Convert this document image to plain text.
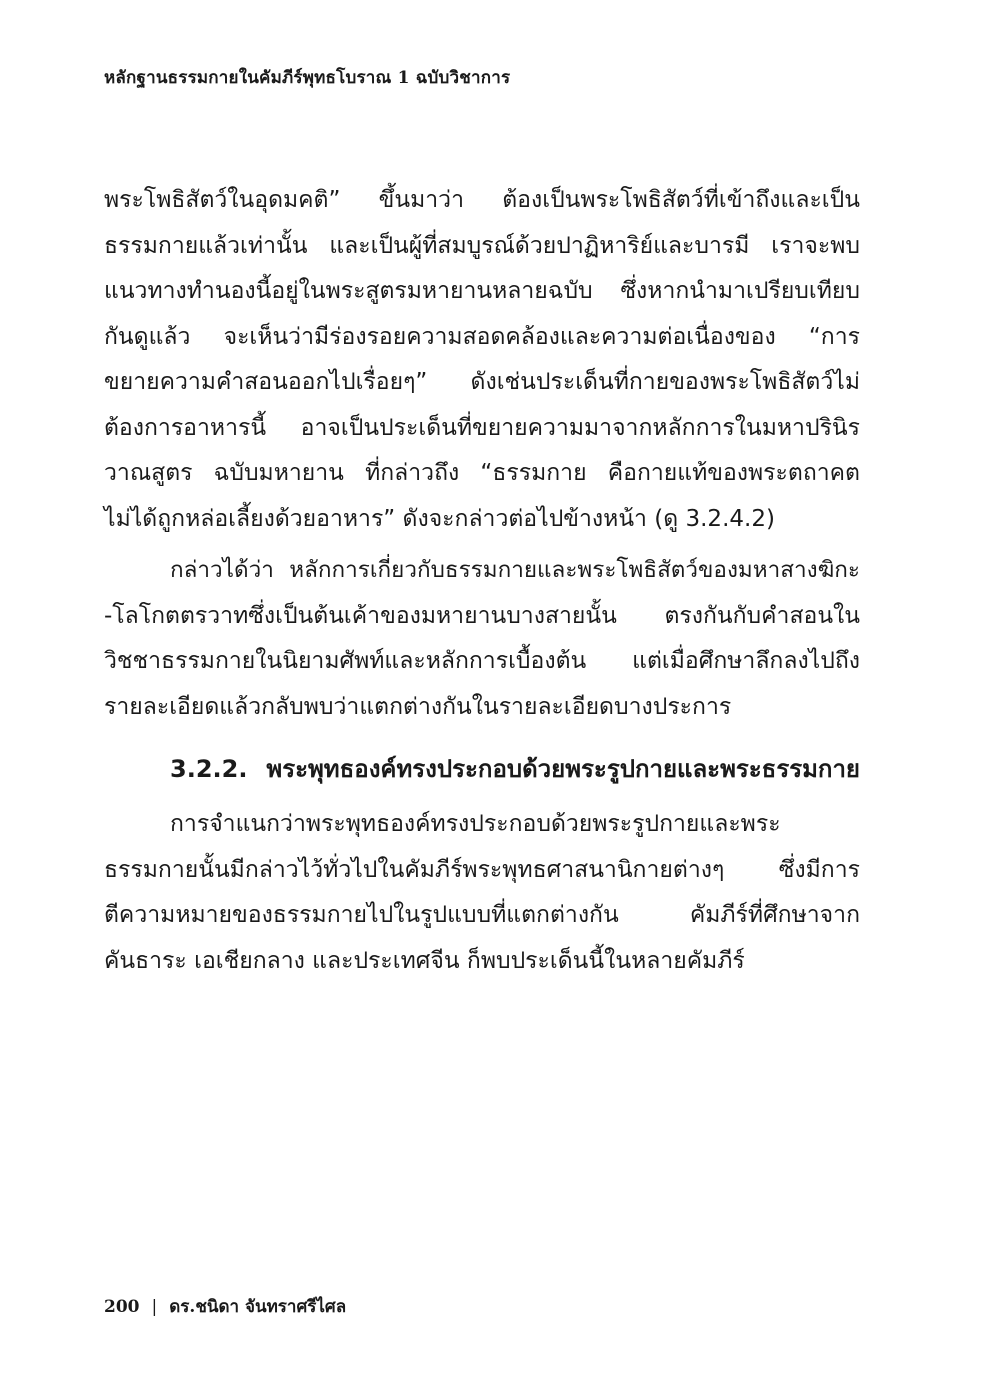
หลักฐานธรรมกายในคัมภีร์พุทธโบราณ 1 ฉบับวิชาการ
พระโพธิสัตว์ในอุดมคติ” ขึ้นมาว่า ต้องเป็นพระโพธิสัตว์ที่เข้าถึงและเป็น
ธรรมกายแล้วเท่านั้น และเป็นผู้ที่สมบูรณ์ด้วยปาฏิหาริย์และบารมี เราจะพบ
แนวทางทำนองนี้อยู่ในพระสูตรมหายานหลายฉบับ ซึ่งหากนำมาเปรียบเทียบ
กันดูแล้ว จะเห็นว่ามีร่องรอยความสอดคล้องและความต่อเนื่องของ “การ
ขยายความคำสอนออกไปเรื่อยๆ” ดังเช่นประเด็นที่กายของพระโพธิสัตว์ไม่
ต้องการอาหารนี้ อาจเป็นประเด็นที่ขยายความมาจากหลักการในมหาปรินิร
วาณสูตร ฉบับมหายาน ที่กล่าวถึง “ธรรมกาย คือกายแท้ของพระตถาคต
ไม่ได้ถูกหล่อเลี้ยงด้วยอาหาร” ดังจะกล่าวต่อไปข้างหน้า (ดู 3.2.4.2)
กล่าวได้ว่า หลักการเกี่ยวกับธรรมกายและพระโพธิสัตว์ของมหาสางฆิกะ
-โลโกตตรวาทซึ่งเป็นต้นเค้าของมหายานบางสายนั้น ตรงกันกับคำสอนใน
วิชชาธรรมกายในนิยามศัพท์และหลักการเบื้องต้น แต่เมื่อศึกษาลึกลงไปถึง
รายละเอียดแล้วกลับพบว่าแตกต่างกันในรายละเอียดบางประการ
3.2.2. พระพุทธองค์ทรงประกอบด้วยพระรูปกายและพระธรรมกาย
การจำแนกว่าพระพุทธองค์ทรงประกอบด้วยพระรูปกายและพระ
ธรรมกายนั้นมีกล่าวไว้ทั่วไปในคัมภีร์พระพุทธศาสนานิกายต่างๆ ซึ่งมีการ
ตีความหมายของธรรมกายไปในรูปแบบที่แตกต่างกัน คัมภีร์ที่ศึกษาจาก
คันธาระ เอเชียกลาง และประเทศจีน ก็พบประเด็นนี้ในหลายคัมภีร์
200 | ดร.ชนิดา จันทราศรีไศล
